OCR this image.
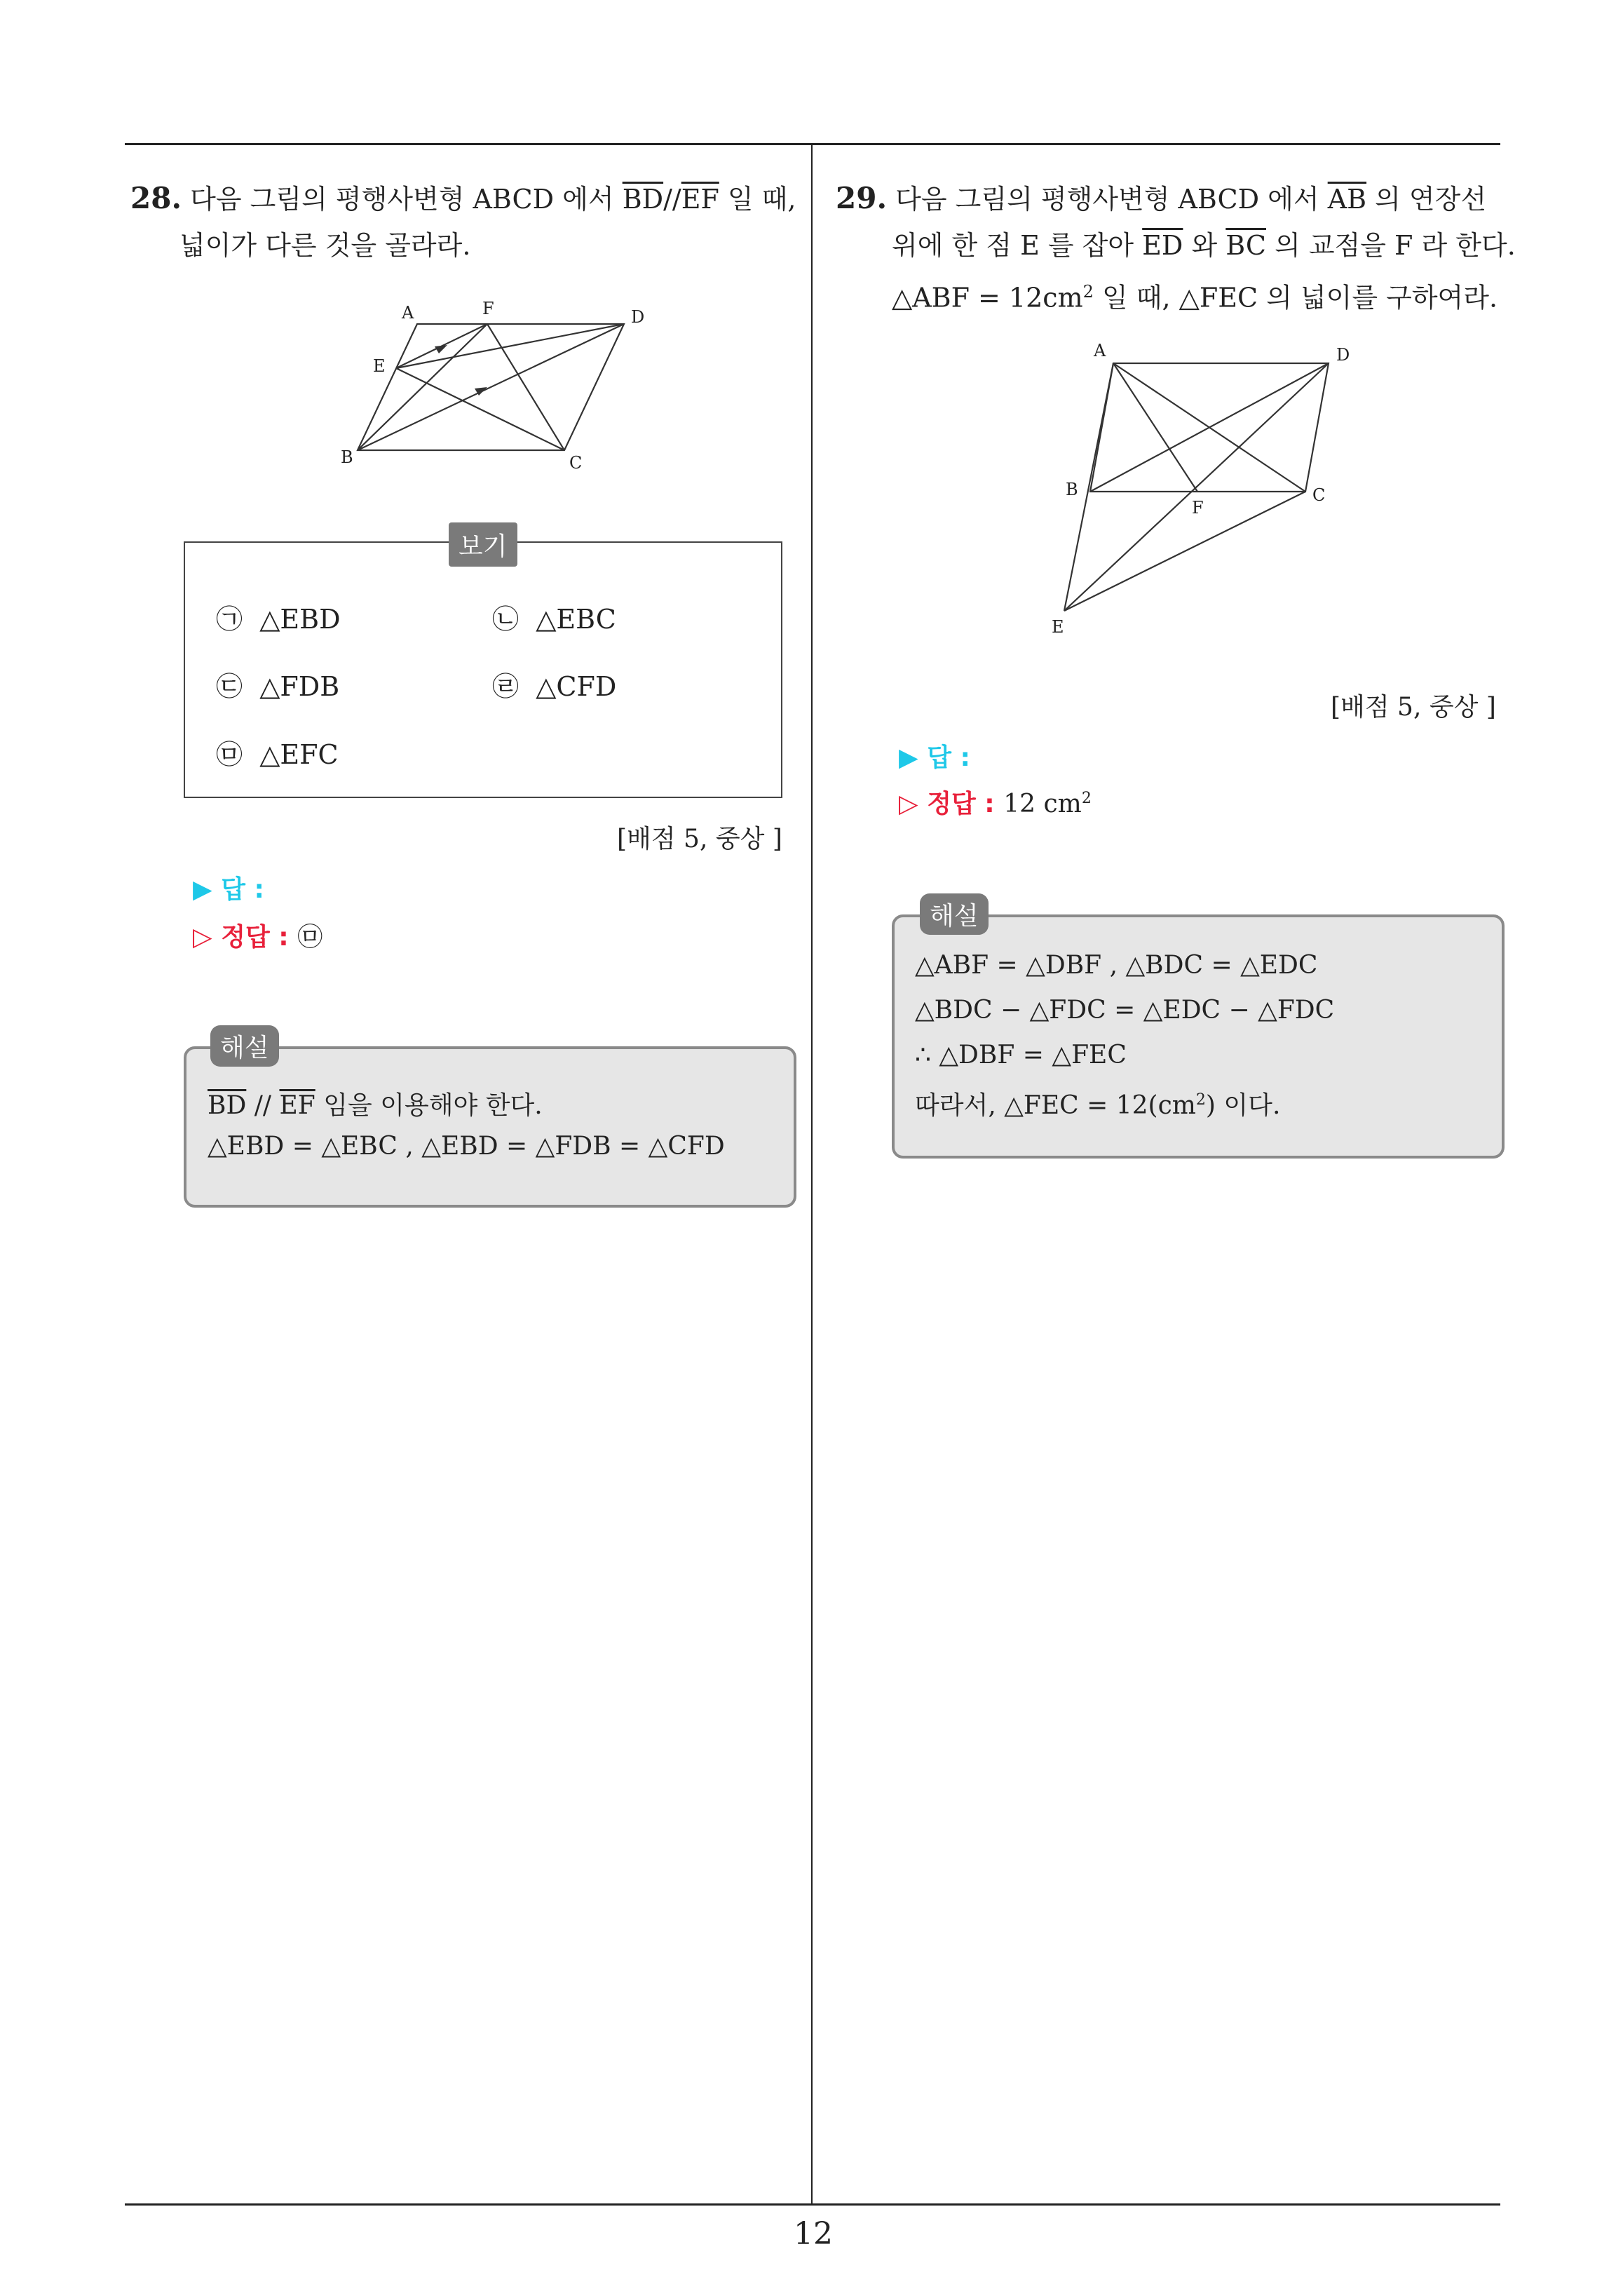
28. 다음 그림의 평행사변형 ABCD 에서 $\overline{BD}//\overline{EF}$ 일 때,
넓이가 다른 것을 골라라.
A	F	D
E
B	C
보기
㉠ △EBD	㉡ △EBC
㉢ △FDB	㉣ △CFD
㉤ △EFC
[배점 5, 중상 ]
▶ 답 :
▷ 정답 : ㉤
해설
$\overline{BD} // \overline{EF}$ 임을 이용해야 한다.
△EBD = △EBC , △EBD = △FDB = △CFD
29. 다음 그림의 평행사변형 ABCD 에서 $\overline{AB}$ 의 연장선
위에 한 점 E 를 잡아 $\overline{ED}$ 와 $\overline{BC}$ 의 교점을 F 라 한다.
△ABF = $12cm^2$ 일 때, △FEC 의 넓이를 구하여라.
A	D
B
F
C
E
[배점 5, 중상 ]
▶ 답 :
▷ 정답 : 12 $cm^2$
해설
△ABF = △DBF , △BDC = △EDC
△BDC − △FDC = △EDC − △FDC
∴ △DBF = △FEC
따라서, △FEC = $12(cm^2)$ 이다.
12
